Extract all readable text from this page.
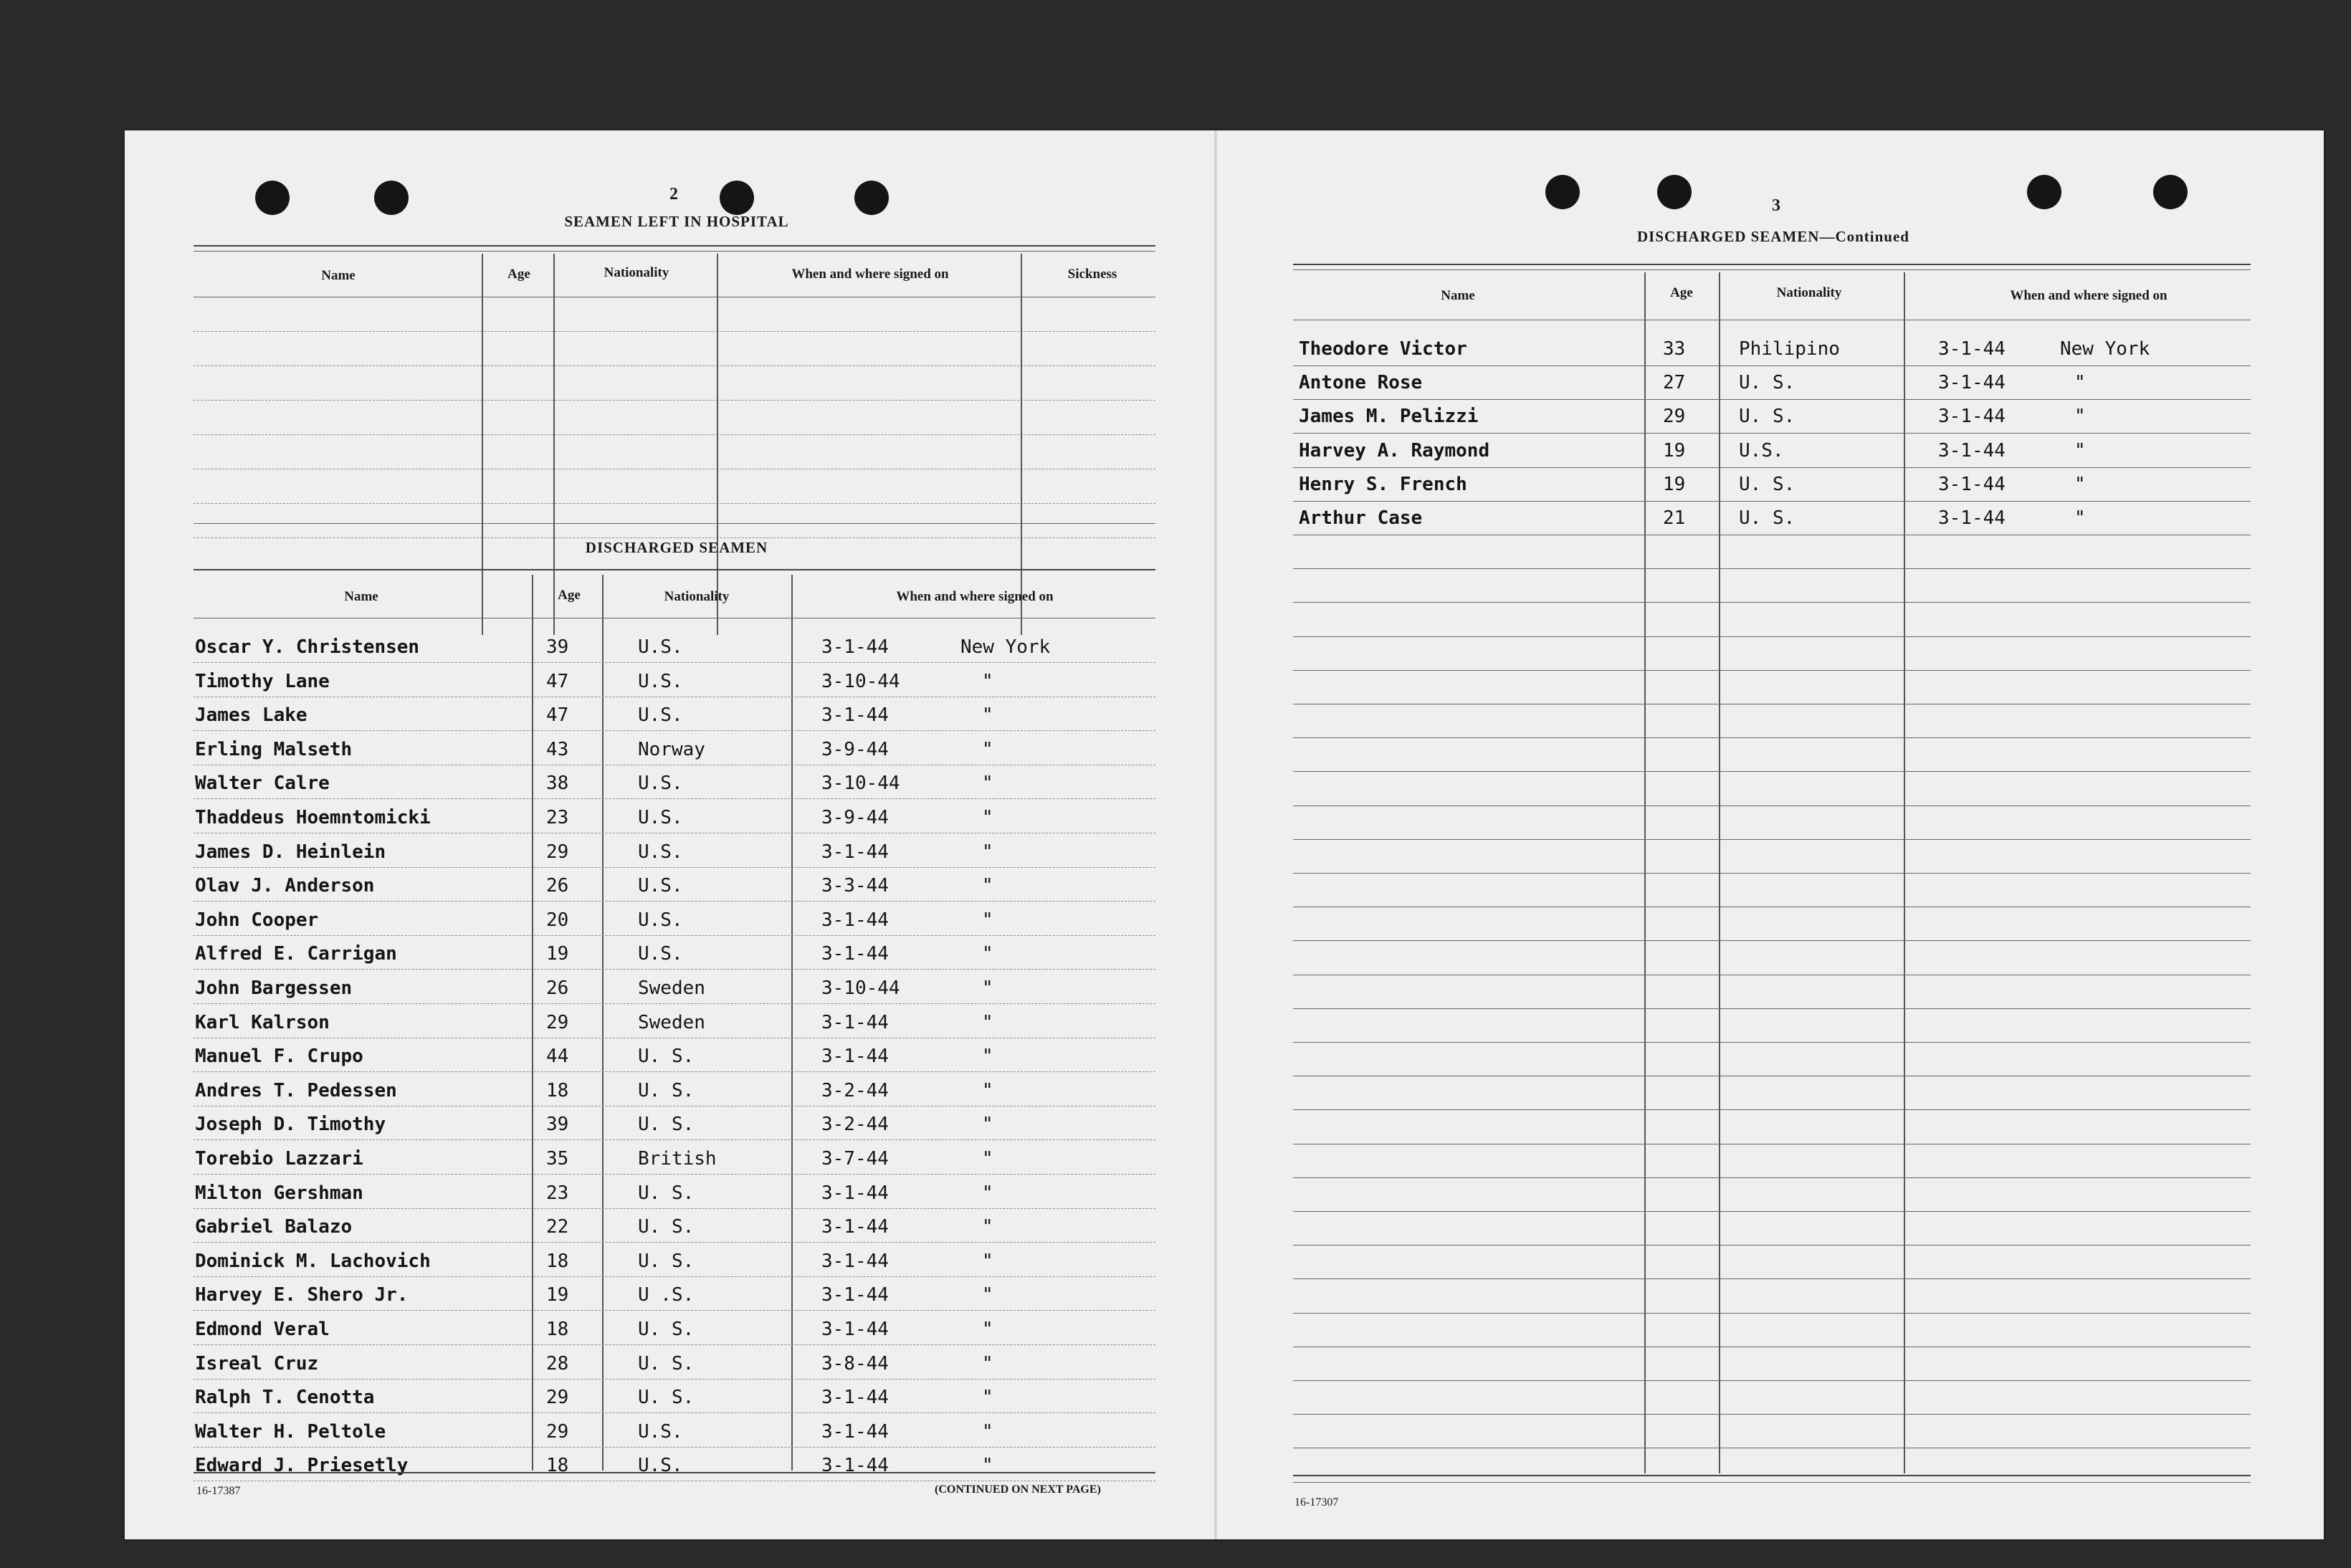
2
SEAMEN LEFT IN HOSPITAL
Name	Age	Nationality	When and where signed on	Sickness
DISCHARGED SEAMEN
Name	Age	Nationality	When and where signed on
Oscar Y. Christensen	39	U.S.	3-1-44	New York
Timothy Lane	47	U.S.	3-10-44	"
James Lake	47	U.S.	3-1-44	"
Erling Malseth	43	Norway	3-9-44	"
Walter Calre	38	U.S.	3-10-44	"
Thaddeus Hoemntomicki	23	U.S.	3-9-44	"
James D. Heinlein	29	U.S.	3-1-44	"
Olav J. Anderson	26	U.S.	3-3-44	"
John Cooper	20	U.S.	3-1-44	"
Alfred E. Carrigan	19	U.S.	3-1-44	"
John Bargessen	26	Sweden	3-10-44	"
Karl Kalrson	29	Sweden	3-1-44	"
Manuel F. Crupo	44	U. S.	3-1-44	"
Andres T. Pedessen	18	U. S.	3-2-44	"
Joseph D. Timothy	39	U. S.	3-2-44	"
Torebio Lazzari	35	British	3-7-44	"
Milton Gershman	23	U. S.	3-1-44	"
Gabriel Balazo	22	U. S.	3-1-44	"
Dominick M. Lachovich	18	U. S.	3-1-44	"
Harvey E. Shero Jr.	19	U .S.	3-1-44	"
Edmond Veral	18	U. S.	3-1-44	"
Isreal Cruz	28	U. S.	3-8-44	"
Ralph T. Cenotta	29	U. S.	3-1-44	"
Walter H. Peltole	29	U.S.	3-1-44	"
Edward J. Priesetly	18	U.S.	3-1-44	"
16-17387	(CONTINUED ON NEXT PAGE)
3
DISCHARGED SEAMEN—Continued
Name	Age	Nationality	When and where signed on
Theodore Victor	33	Philipino	3-1-44	New York
Antone Rose	27	U. S.	3-1-44	"
James M. Pelizzi	29	U. S.	3-1-44	"
Harvey A. Raymond	19	U.S.	3-1-44	"
Henry S. French	19	U. S.	3-1-44	"
Arthur Case	21	U. S.	3-1-44	"
16-17307
